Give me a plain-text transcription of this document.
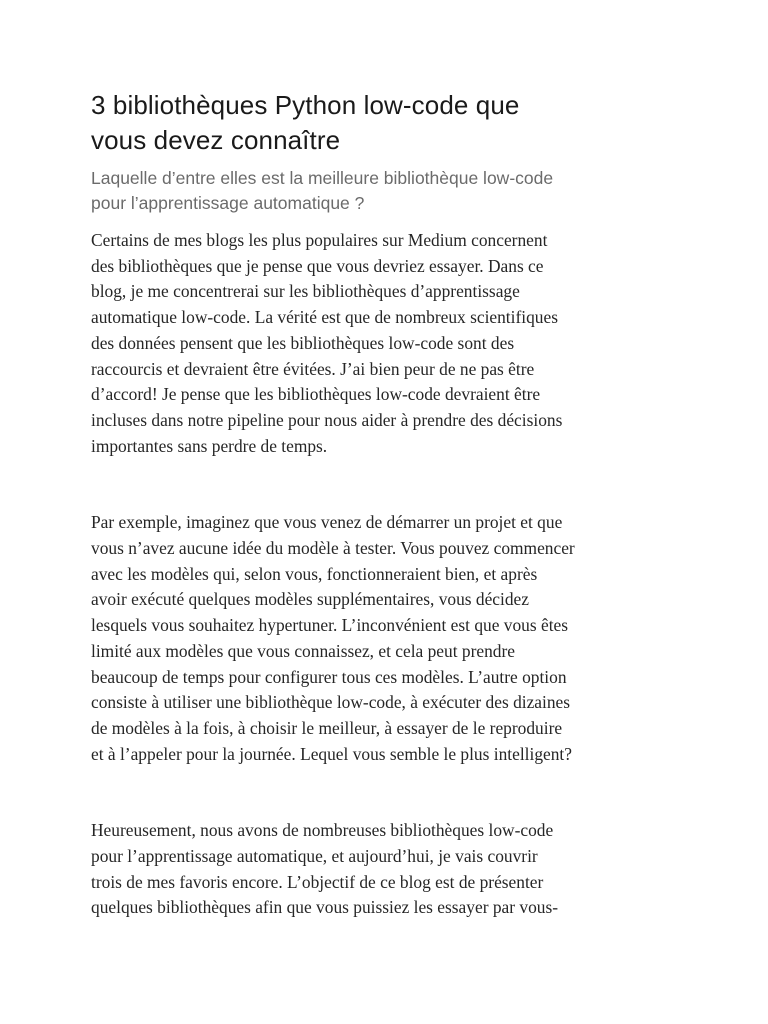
3 bibliothèques Python low-code que
vous devez connaître
Laquelle d’entre elles est la meilleure bibliothèque low-code
pour l’apprentissage automatique ?

Certains de mes blogs les plus populaires sur Medium concernent
des bibliothèques que je pense que vous devriez essayer. Dans ce
blog, je me concentrerai sur les bibliothèques d’apprentissage
automatique low-code. La vérité est que de nombreux scientifiques
des données pensent que les bibliothèques low-code sont des
raccourcis et devraient être évitées. J’ai bien peur de ne pas être
d’accord! Je pense que les bibliothèques low-code devraient être
incluses dans notre pipeline pour nous aider à prendre des décisions
importantes sans perdre de temps.

Par exemple, imaginez que vous venez de démarrer un projet et que
vous n’avez aucune idée du modèle à tester. Vous pouvez commencer
avec les modèles qui, selon vous, fonctionneraient bien, et après
avoir exécuté quelques modèles supplémentaires, vous décidez
lesquels vous souhaitez hypertuner. L’inconvénient est que vous êtes
limité aux modèles que vous connaissez, et cela peut prendre
beaucoup de temps pour configurer tous ces modèles. L’autre option
consiste à utiliser une bibliothèque low-code, à exécuter des dizaines
de modèles à la fois, à choisir le meilleur, à essayer de le reproduire
et à l’appeler pour la journée. Lequel vous semble le plus intelligent?

Heureusement, nous avons de nombreuses bibliothèques low-code
pour l’apprentissage automatique, et aujourd’hui, je vais couvrir
trois de mes favoris encore. L’objectif de ce blog est de présenter
quelques bibliothèques afin que vous puissiez les essayer par vous-
